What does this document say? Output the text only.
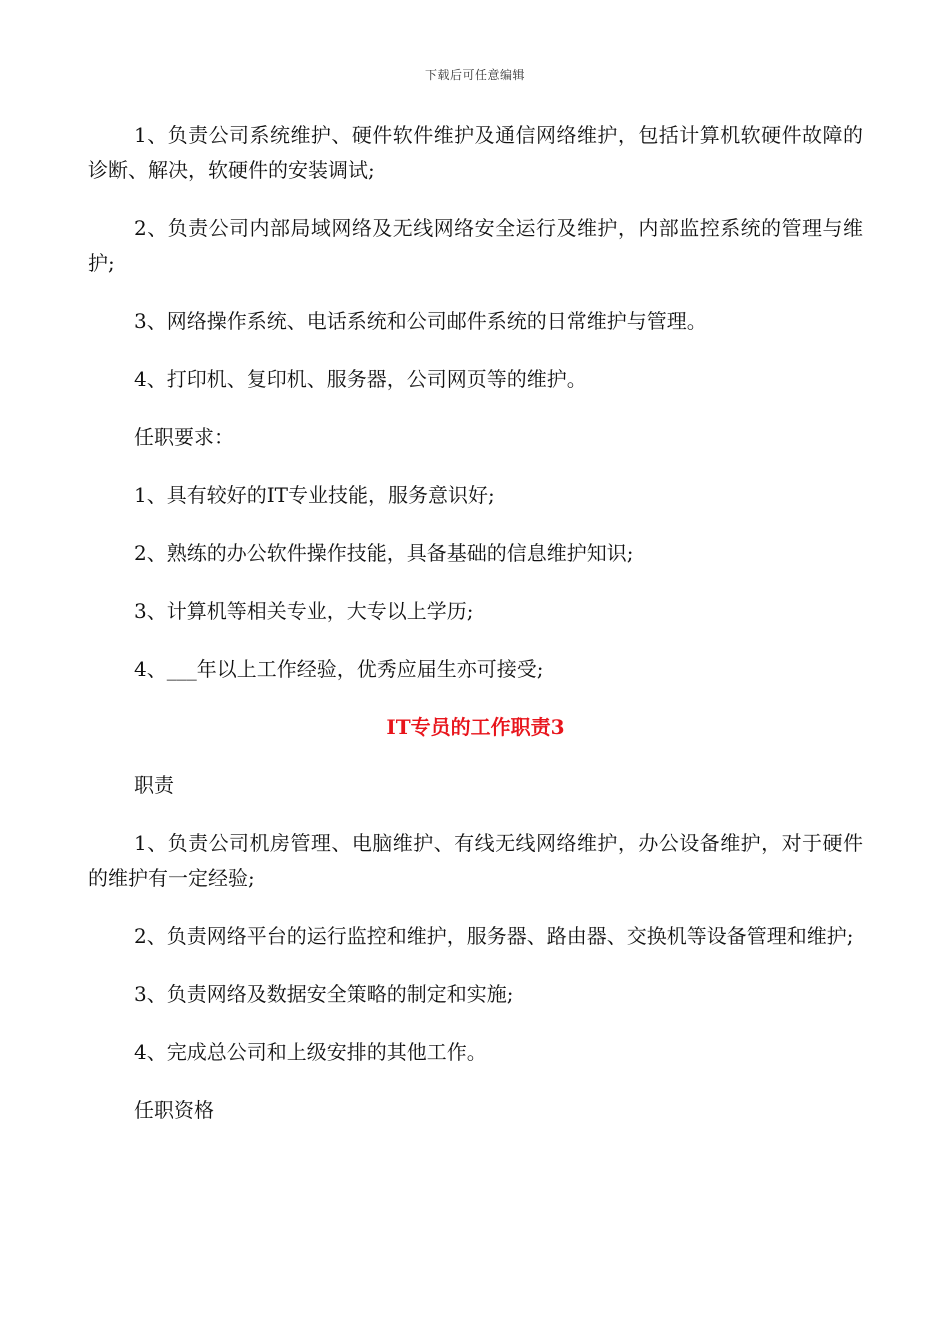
下载后可任意编辑

1、负责公司系统维护、硬件软件维护及通信网络维护，包括计算机软硬件故障的诊断、解决，软硬件的安装调试;

2、负责公司内部局域网络及无线网络安全运行及维护，内部监控系统的管理与维护;

3、网络操作系统、电话系统和公司邮件系统的日常维护与管理。

4、打印机、复印机、服务器，公司网页等的维护。

任职要求：

1、具有较好的IT专业技能，服务意识好;

2、熟练的办公软件操作技能，具备基础的信息维护知识;

3、计算机等相关专业，大专以上学历;

4、___年以上工作经验，优秀应届生亦可接受;

IT专员的工作职责3

职责

1、负责公司机房管理、电脑维护、有线无线网络维护，办公设备维护，对于硬件的维护有一定经验;

2、负责网络平台的运行监控和维护，服务器、路由器、交换机等设备管理和维护;

3、负责网络及数据安全策略的制定和实施;

4、完成总公司和上级安排的其他工作。

任职资格
